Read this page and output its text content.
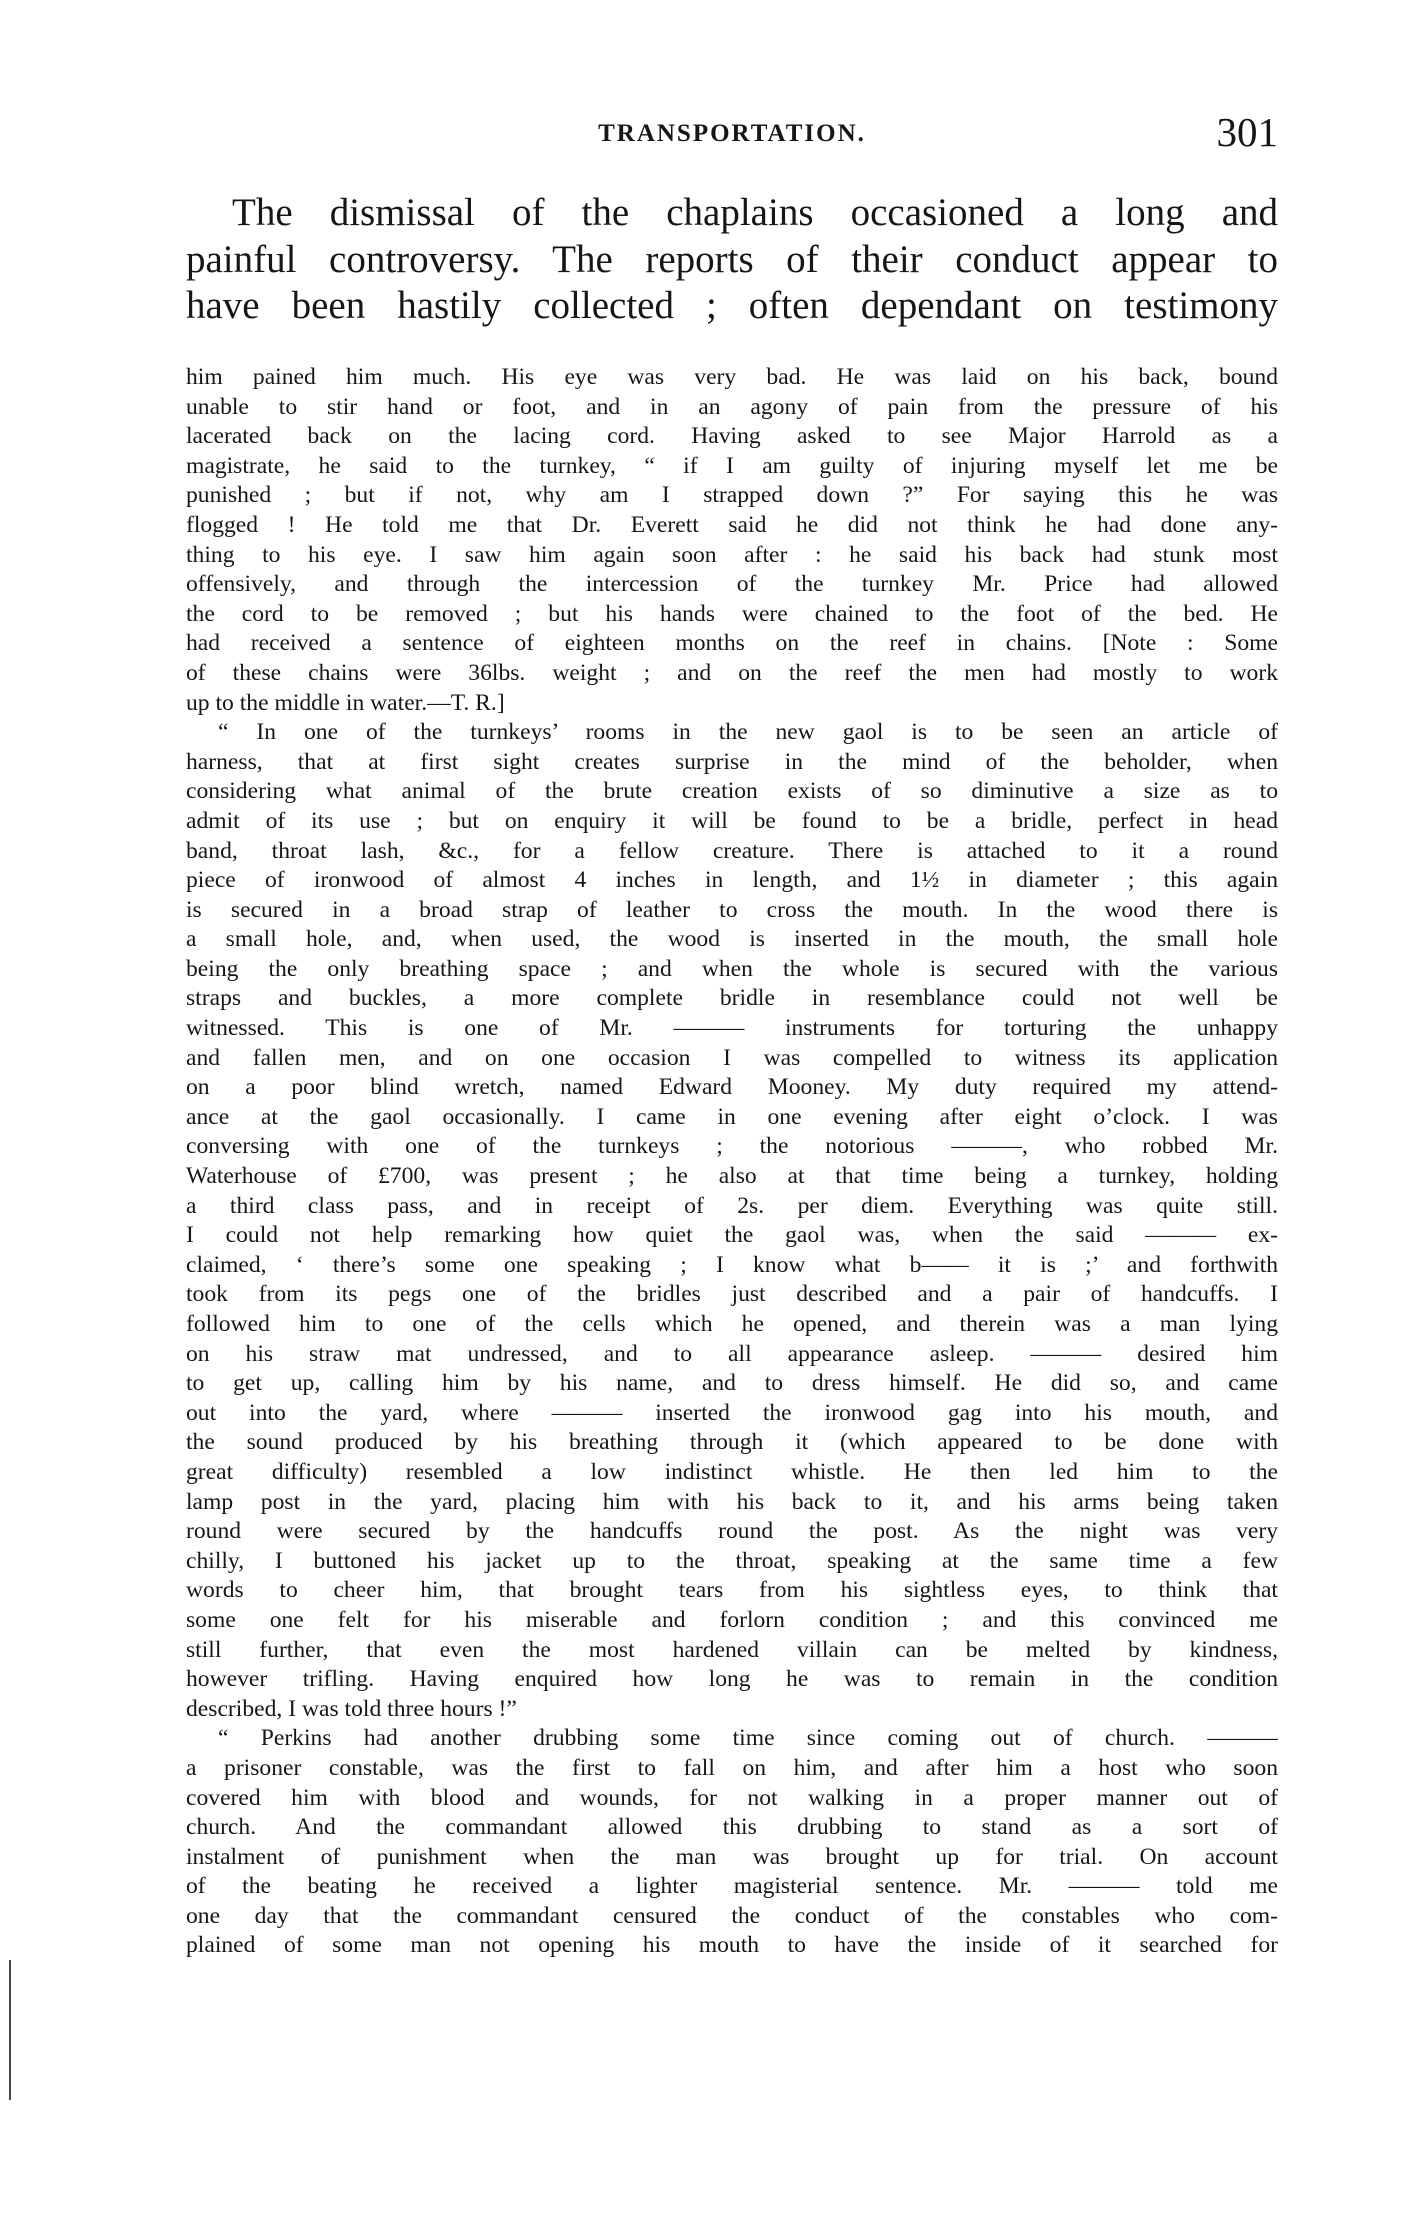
TRANSPORTATION.	301
The dismissal of the chaplains occasioned a long and
painful controversy. The reports of their conduct appear to
have been hastily collected ; often dependant on testimony
him pained him much. His eye was very bad. He was laid on his back, bound
unable to stir hand or foot, and in an agony of pain from the pressure of his
lacerated back on the lacing cord. Having asked to see Major Harrold as a
magistrate, he said to the turnkey, “ if I am guilty of injuring myself let me be
punished ; but if not, why am I strapped down ?” For saying this he was
flogged ! He told me that Dr. Everett said he did not think he had done any-
thing to his eye. I saw him again soon after : he said his back had stunk most
offensively, and through the intercession of the turnkey Mr. Price had allowed
the cord to be removed ; but his hands were chained to the foot of the bed. He
had received a sentence of eighteen months on the reef in chains. [Note : Some
of these chains were 36lbs. weight ; and on the reef the men had mostly to work
up to the middle in water.—T. R.]
“ In one of the turnkeys’ rooms in the new gaol is to be seen an article of
harness, that at first sight creates surprise in the mind of the beholder, when
considering what animal of the brute creation exists of so diminutive a size as to
admit of its use ; but on enquiry it will be found to be a bridle, perfect in head
band, throat lash, &c., for a fellow creature. There is attached to it a round
piece of ironwood of almost 4 inches in length, and 1½ in diameter ; this again
is secured in a broad strap of leather to cross the mouth. In the wood there is
a small hole, and, when used, the wood is inserted in the mouth, the small hole
being the only breathing space ; and when the whole is secured with the various
straps and buckles, a more complete bridle in resemblance could not well be
witnessed. This is one of Mr. ——— instruments for torturing the unhappy
and fallen men, and on one occasion I was compelled to witness its application
on a poor blind wretch, named Edward Mooney. My duty required my attend-
ance at the gaol occasionally. I came in one evening after eight o’clock. I was
conversing with one of the turnkeys ; the notorious ———, who robbed Mr.
Waterhouse of £700, was present ; he also at that time being a turnkey, holding
a third class pass, and in receipt of 2s. per diem. Everything was quite still.
I could not help remarking how quiet the gaol was, when the said ——— ex-
claimed, ‘ there’s some one speaking ; I know what b—— it is ;’ and forthwith
took from its pegs one of the bridles just described and a pair of handcuffs. I
followed him to one of the cells which he opened, and therein was a man lying
on his straw mat undressed, and to all appearance asleep. ——— desired him
to get up, calling him by his name, and to dress himself. He did so, and came
out into the yard, where ——— inserted the ironwood gag into his mouth, and
the sound produced by his breathing through it (which appeared to be done with
great difficulty) resembled a low indistinct whistle. He then led him to the
lamp post in the yard, placing him with his back to it, and his arms being taken
round were secured by the handcuffs round the post. As the night was very
chilly, I buttoned his jacket up to the throat, speaking at the same time a few
words to cheer him, that brought tears from his sightless eyes, to think that
some one felt for his miserable and forlorn condition ; and this convinced me
still further, that even the most hardened villain can be melted by kindness,
however trifling. Having enquired how long he was to remain in the condition
described, I was told three hours !”
“ Perkins had another drubbing some time since coming out of church. ———
a prisoner constable, was the first to fall on him, and after him a host who soon
covered him with blood and wounds, for not walking in a proper manner out of
church. And the commandant allowed this drubbing to stand as a sort of
instalment of punishment when the man was brought up for trial. On account
of the beating he received a lighter magisterial sentence. Mr. ——— told me
one day that the commandant censured the conduct of the constables who com-
plained of some man not opening his mouth to have the inside of it searched for
